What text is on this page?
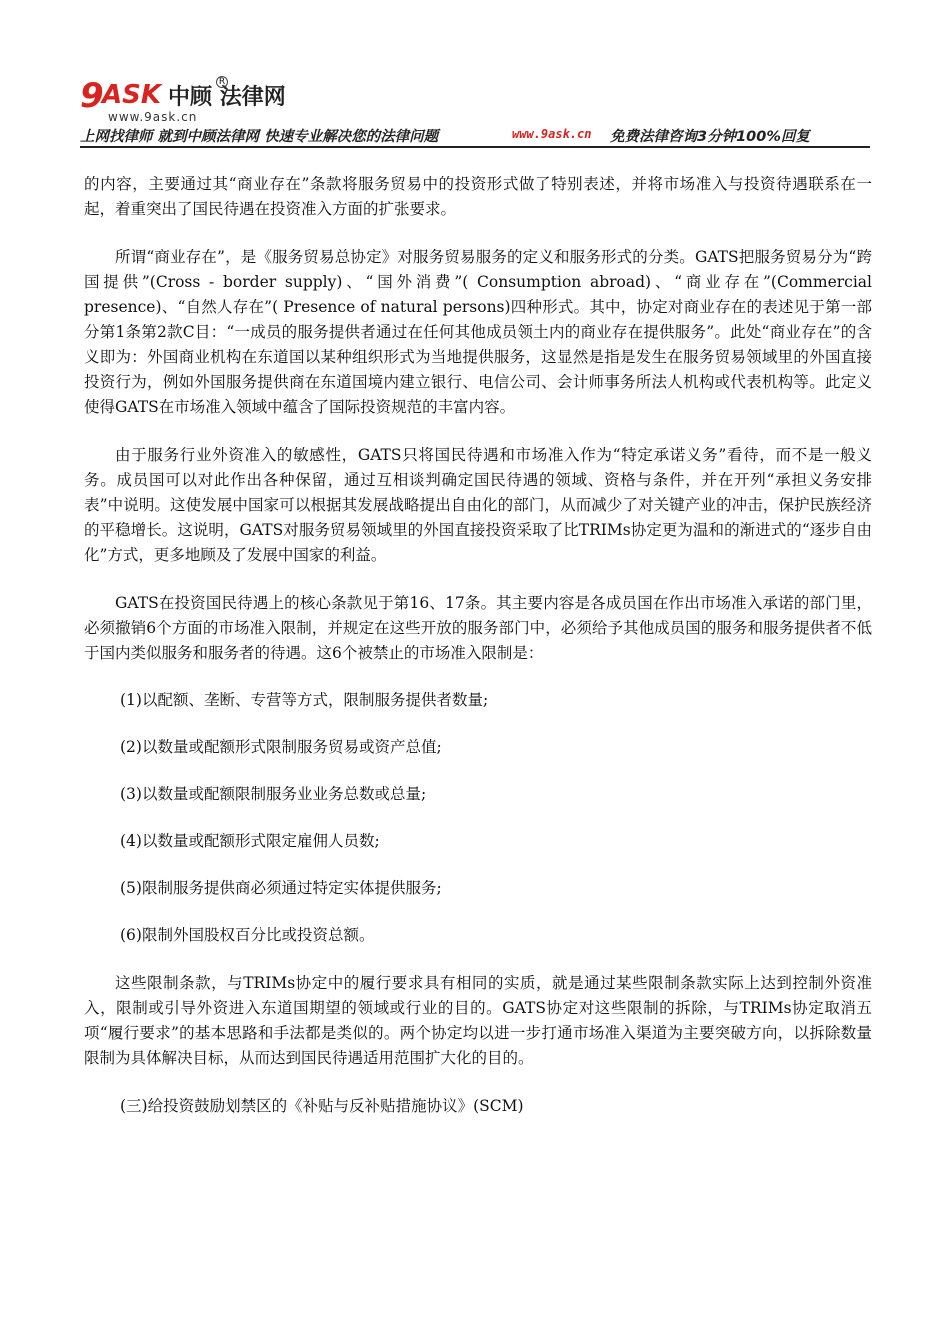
9 ASK 中顾 法律网
R
www.9ask.cn
上网找律师 就到中顾法律网 快速专业解决您的法律问题	www.9ask.cn 免费法律咨询3分钟100%回复

的内容，主要通过其“商业存在”条款将服务贸易中的投资形式做了特别表述，并将市场准入与投资待遇联系在一起，着重突出了国民待遇在投资准入方面的扩张要求。

所谓“商业存在”，是《服务贸易总协定》对服务贸易服务的定义和服务形式的分类。GATS把服务贸易分为“跨国提供”(Cross - border supply)、“国外消费”( Consumption abroad)、“商业存在”(Commercial presence)、“自然人存在”( Presence of natural persons)四种形式。其中，协定对商业存在的表述见于第一部分第1条第2款C目：“一成员的服务提供者通过在任何其他成员领土内的商业存在提供服务”。此处“商业存在”的含义即为：外国商业机构在东道国以某种组织形式为当地提供服务，这显然是指是发生在服务贸易领域里的外国直接投资行为，例如外国服务提供商在东道国境内建立银行、电信公司、会计师事务所法人机构或代表机构等。此定义使得GATS在市场准入领域中蕴含了国际投资规范的丰富内容。

由于服务行业外资准入的敏感性，GATS只将国民待遇和市场准入作为“特定承诺义务”看待，而不是一般义务。成员国可以对此作出各种保留，通过互相谈判确定国民待遇的领域、资格与条件，并在开列“承担义务安排表”中说明。这使发展中国家可以根据其发展战略提出自由化的部门，从而减少了对关键产业的冲击，保护民族经济的平稳增长。这说明，GATS对服务贸易领域里的外国直接投资采取了比TRIMs协定更为温和的渐进式的“逐步自由化”方式，更多地顾及了发展中国家的利益。

GATS在投资国民待遇上的核心条款见于第16、17条。其主要内容是各成员国在作出市场准入承诺的部门里，必须撤销6个方面的市场准入限制，并规定在这些开放的服务部门中，必须给予其他成员国的服务和服务提供者不低于国内类似服务和服务者的待遇。这6个被禁止的市场准入限制是：

(1)以配额、垄断、专营等方式，限制服务提供者数量;

(2)以数量或配额形式限制服务贸易或资产总值;

(3)以数量或配额限制服务业业务总数或总量;

(4)以数量或配额形式限定雇佣人员数;

(5)限制服务提供商必须通过特定实体提供服务;

(6)限制外国股权百分比或投资总额。

这些限制条款，与TRIMs协定中的履行要求具有相同的实质，就是通过某些限制条款实际上达到控制外资准入，限制或引导外资进入东道国期望的领域或行业的目的。GATS协定对这些限制的拆除，与TRIMs协定取消五项“履行要求”的基本思路和手法都是类似的。两个协定均以进一步打通市场准入渠道为主要突破方向，以拆除数量限制为具体解决目标，从而达到国民待遇适用范围扩大化的目的。

(三)给投资鼓励划禁区的《补贴与反补贴措施协议》(SCM)
